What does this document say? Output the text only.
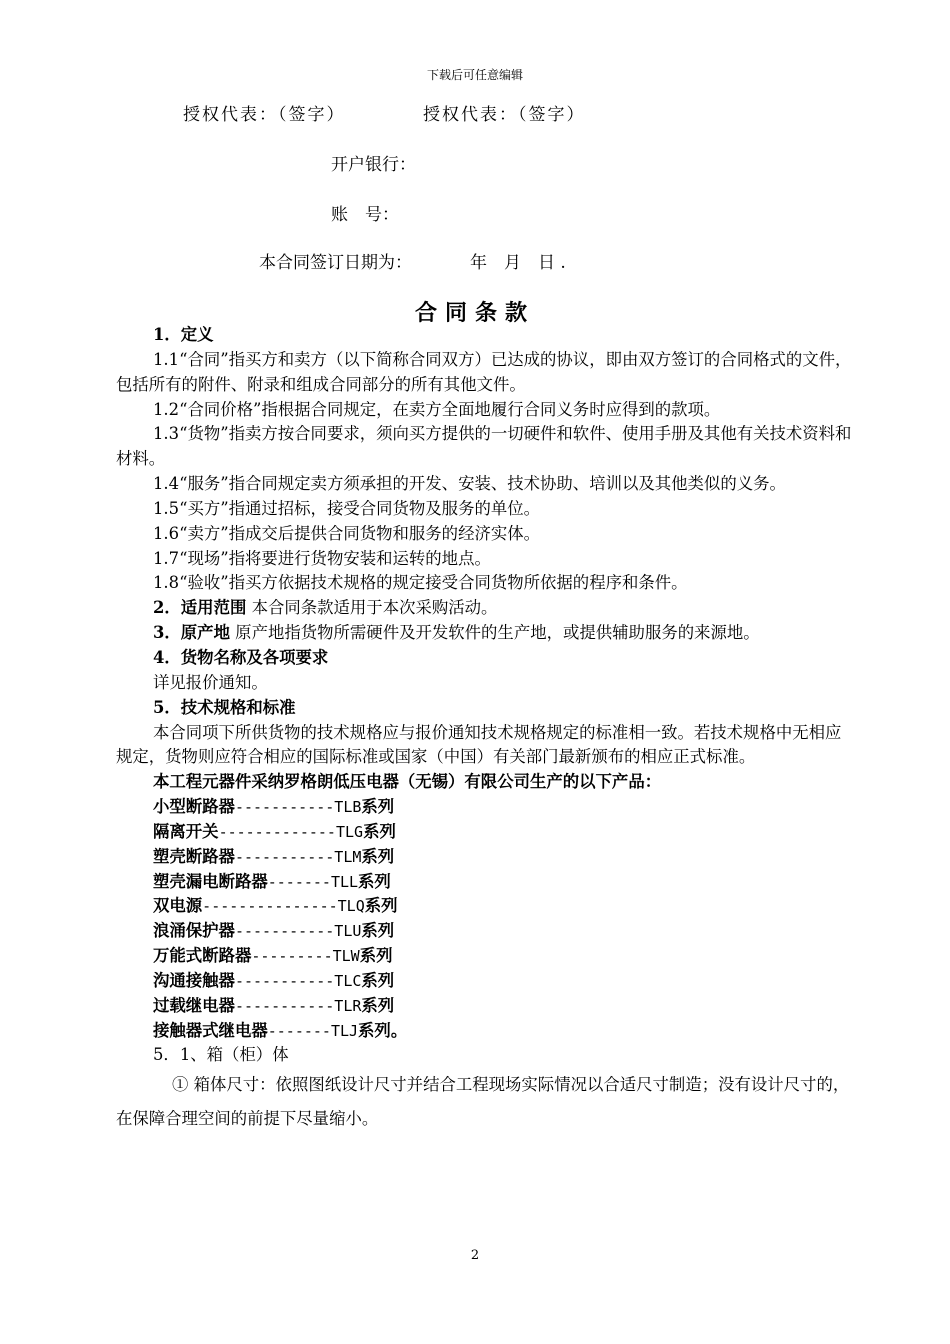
下载后可任意编辑
授权代表：（签字）	授权代表：（签字）
开户银行：
账　号：
本合同签订日期为：	年　月　日 .
合同条款

1．定义

1.1“合同”指买方和卖方（以下简称合同双方）已达成的协议，即由双方签订的合同格式的文件，包括所有的附件、附录和组成合同部分的所有其他文件。

1.2“合同价格”指根据合同规定，在卖方全面地履行合同义务时应得到的款项。

1.3“货物”指卖方按合同要求，须向买方提供的一切硬件和软件、使用手册及其他有关技术资料和材料。

1.4“服务”指合同规定卖方须承担的开发、安装、技术协助、培训以及其他类似的义务。

1.5“买方”指通过招标，接受合同货物及服务的单位。

1.6“卖方”指成交后提供合同货物和服务的经济实体。

1.7“现场”指将要进行货物安装和运转的地点。

1.8“验收”指买方依据技术规格的规定接受合同货物所依据的程序和条件。

2．适用范围 本合同条款适用于本次采购活动。

3．原产地 原产地指货物所需硬件及开发软件的生产地，或提供辅助服务的来源地。

4．货物名称及各项要求

详见报价通知。

5．技术规格和标准

本合同项下所供货物的技术规格应与报价通知技术规格规定的标准相一致。若技术规格中无相应规定，货物则应符合相应的国际标准或国家（中国）有关部门最新颁布的相应正式标准。

本工程元器件采纳罗格朗低压电器（无锡）有限公司生产的以下产品：

小型断路器-----------TLB系列

隔离开关-------------TLG系列

塑壳断路器-----------TLM系列

塑壳漏电断路器-------TLL系列

双电源---------------TLQ系列

浪涌保护器-----------TLU系列

万能式断路器---------TLW系列

沟通接触器-----------TLC系列

过载继电器-----------TLR系列

接触器式继电器-------TLJ系列。

5．1、箱（柜）体

① 箱体尺寸：依照图纸设计尺寸并结合工程现场实际情况以合适尺寸制造；没有设计尺寸的，在保障合理空间的前提下尽量缩小。

2
